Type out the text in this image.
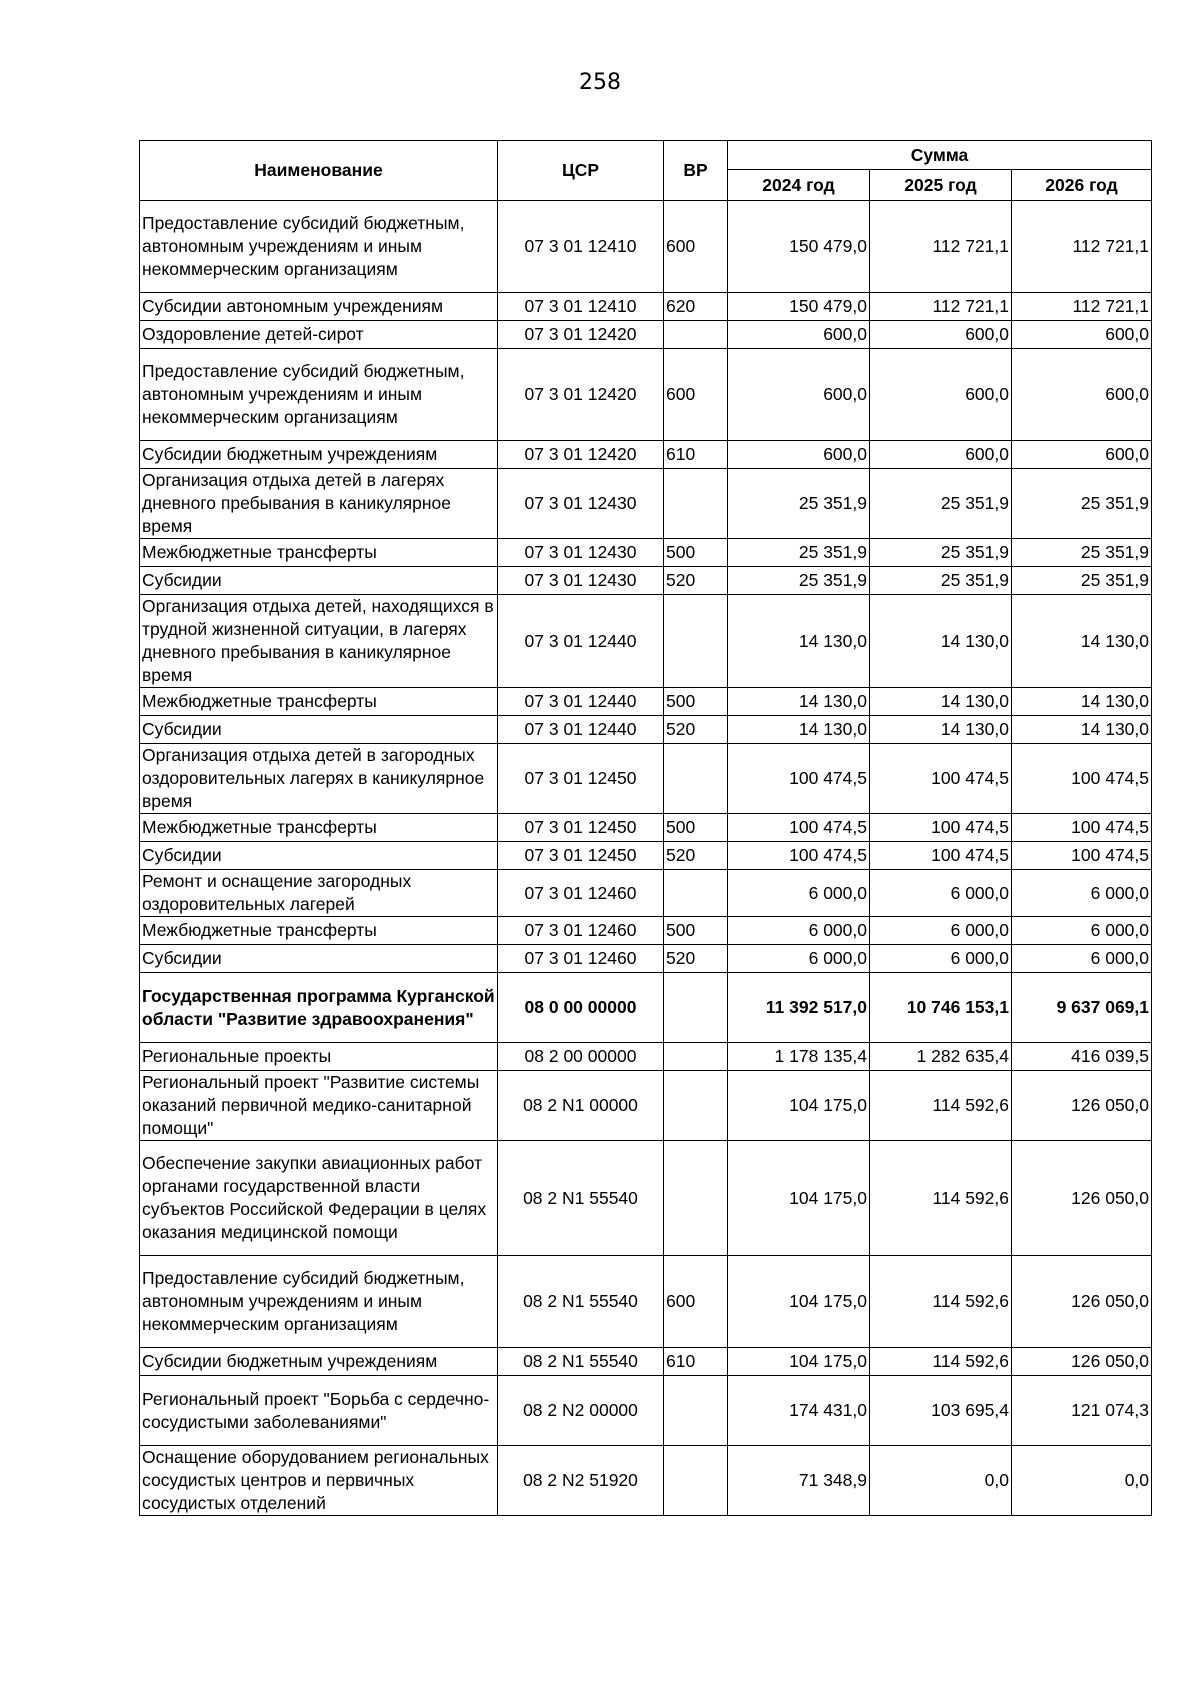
258
Наименование	ЦСР	ВР	Сумма		
			2024 год	2025 год	2026 год
Предоставление субсидий бюджетным, автономным учреждениям и иным некоммерческим организациям	07 3 01 12410	600	150 479,0	112 721,1	112 721,1
Субсидии автономным учреждениям	07 3 01 12410	620	150 479,0	112 721,1	112 721,1
Оздоровление детей-сирот	07 3 01 12420		600,0	600,0	600,0
Предоставление субсидий бюджетным, автономным учреждениям и иным некоммерческим организациям	07 3 01 12420	600	600,0	600,0	600,0
Субсидии бюджетным учреждениям	07 3 01 12420	610	600,0	600,0	600,0
Организация отдыха детей в лагерях дневного пребывания в каникулярное время	07 3 01 12430		25 351,9	25 351,9	25 351,9
Межбюджетные трансферты	07 3 01 12430	500	25 351,9	25 351,9	25 351,9
Субсидии	07 3 01 12430	520	25 351,9	25 351,9	25 351,9
Организация отдыха детей, находящихся в трудной жизненной ситуации, в лагерях дневного пребывания в каникулярное время	07 3 01 12440		14 130,0	14 130,0	14 130,0
Межбюджетные трансферты	07 3 01 12440	500	14 130,0	14 130,0	14 130,0
Субсидии	07 3 01 12440	520	14 130,0	14 130,0	14 130,0
Организация отдыха детей в загородных оздоровительных лагерях в каникулярное время	07 3 01 12450		100 474,5	100 474,5	100 474,5
Межбюджетные трансферты	07 3 01 12450	500	100 474,5	100 474,5	100 474,5
Субсидии	07 3 01 12450	520	100 474,5	100 474,5	100 474,5
Ремонт и оснащение загородных оздоровительных лагерей	07 3 01 12460		6 000,0	6 000,0	6 000,0
Межбюджетные трансферты	07 3 01 12460	500	6 000,0	6 000,0	6 000,0
Субсидии	07 3 01 12460	520	6 000,0	6 000,0	6 000,0
Государственная программа Курганской области "Развитие здравоохранения"	08 0 00 00000		11 392 517,0	10 746 153,1	9 637 069,1
Региональные проекты	08 2 00 00000		1 178 135,4	1 282 635,4	416 039,5
Региональный проект "Развитие системы оказаний первичной медико-санитарной помощи"	08 2 N1 00000		104 175,0	114 592,6	126 050,0
Обеспечение закупки авиационных работ органами государственной власти субъектов Российской Федерации в целях оказания медицинской помощи	08 2 N1 55540		104 175,0	114 592,6	126 050,0
Предоставление субсидий бюджетным, автономным учреждениям и иным некоммерческим организациям	08 2 N1 55540	600	104 175,0	114 592,6	126 050,0
Субсидии бюджетным учреждениям	08 2 N1 55540	610	104 175,0	114 592,6	126 050,0
Региональный проект "Борьба с сердечно-сосудистыми заболеваниями"	08 2 N2 00000		174 431,0	103 695,4	121 074,3
Оснащение оборудованием региональных сосудистых центров и первичных сосудистых отделений	08 2 N2 51920		71 348,9	0,0	0,0
